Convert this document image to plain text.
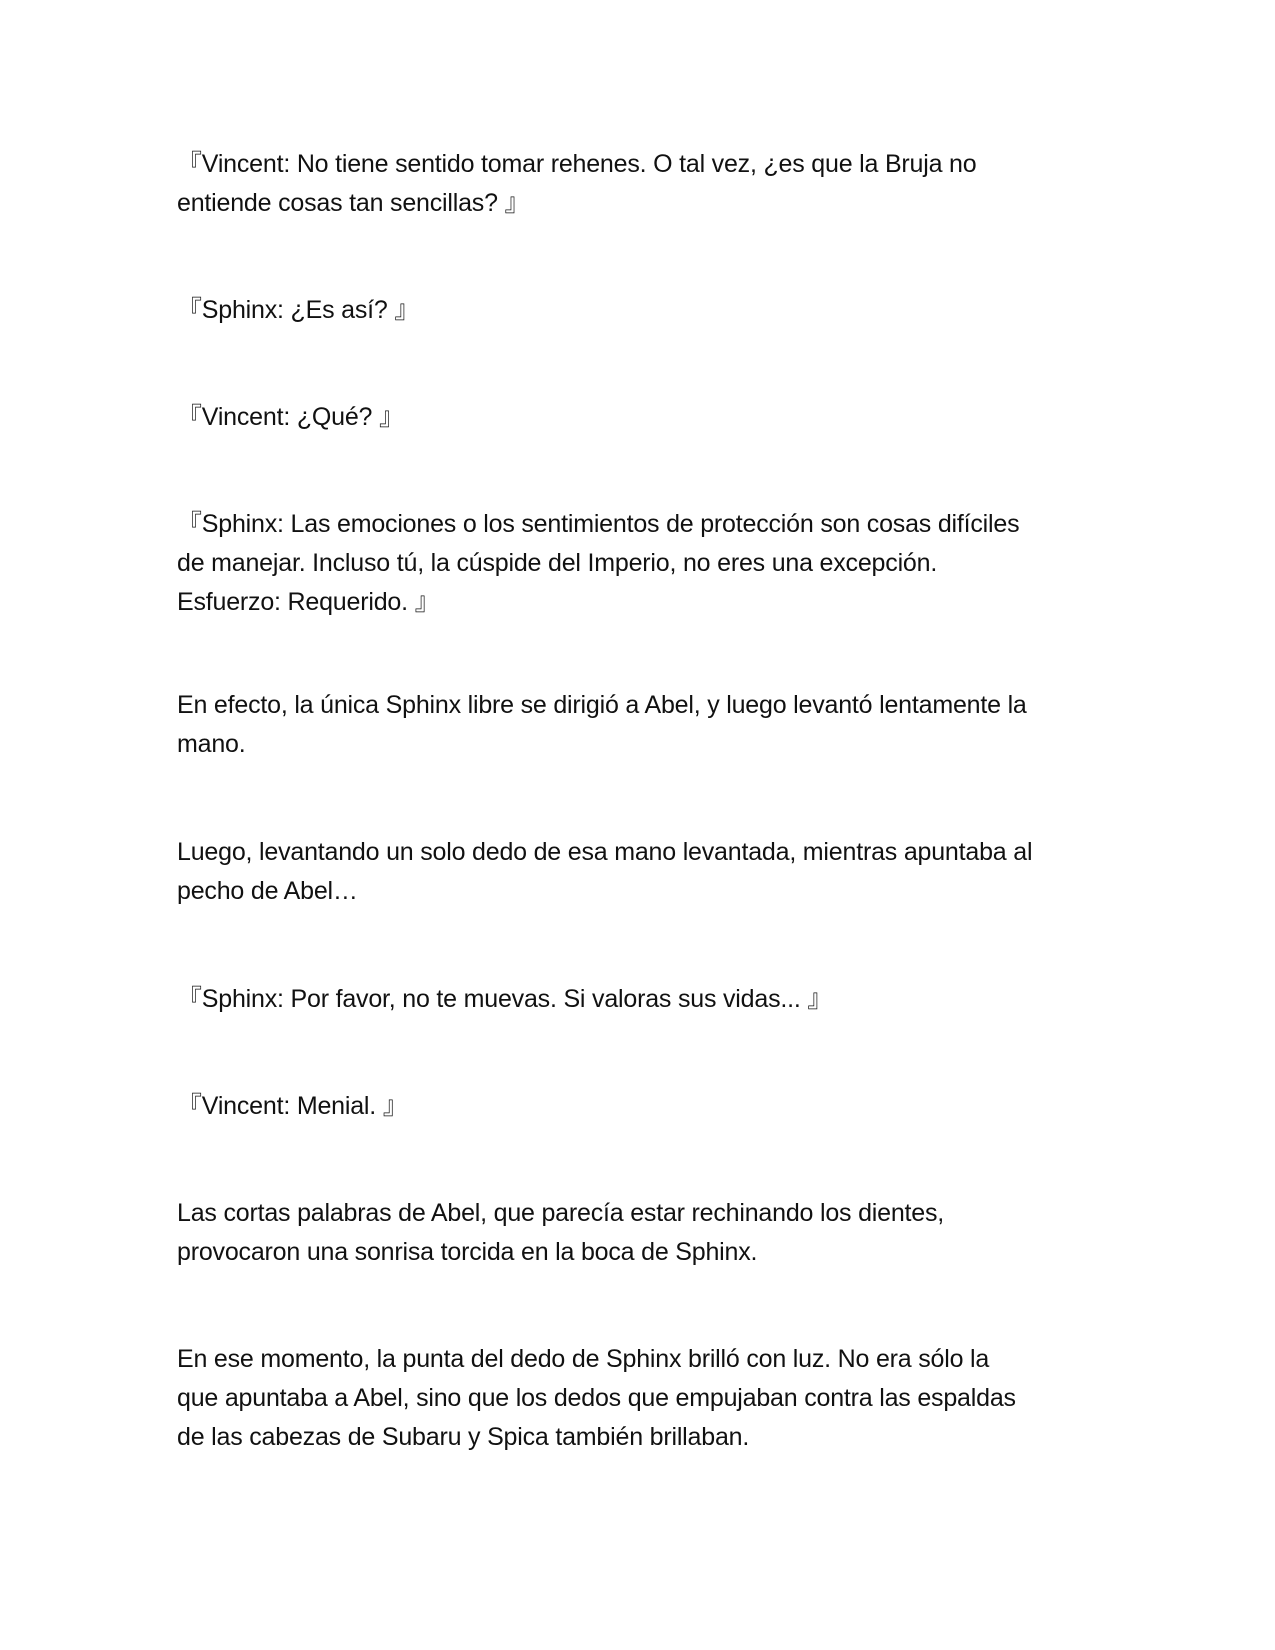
『Vincent: No tiene sentido tomar rehenes. O tal vez, ¿es que la Bruja no
entiende cosas tan sencillas? 』
『Sphinx: ¿Es así? 』
『Vincent: ¿Qué? 』
『Sphinx: Las emociones o los sentimientos de protección son cosas difíciles
de manejar. Incluso tú, la cúspide del Imperio, no eres una excepción.
Esfuerzo: Requerido. 』
En efecto, la única Sphinx libre se dirigió a Abel, y luego levantó lentamente la
mano.
Luego, levantando un solo dedo de esa mano levantada, mientras apuntaba al
pecho de Abel…
『Sphinx: Por favor, no te muevas. Si valoras sus vidas... 』
『Vincent: Menial. 』
Las cortas palabras de Abel, que parecía estar rechinando los dientes,
provocaron una sonrisa torcida en la boca de Sphinx.
En ese momento, la punta del dedo de Sphinx brilló con luz. No era sólo la
que apuntaba a Abel, sino que los dedos que empujaban contra las espaldas
de las cabezas de Subaru y Spica también brillaban.
